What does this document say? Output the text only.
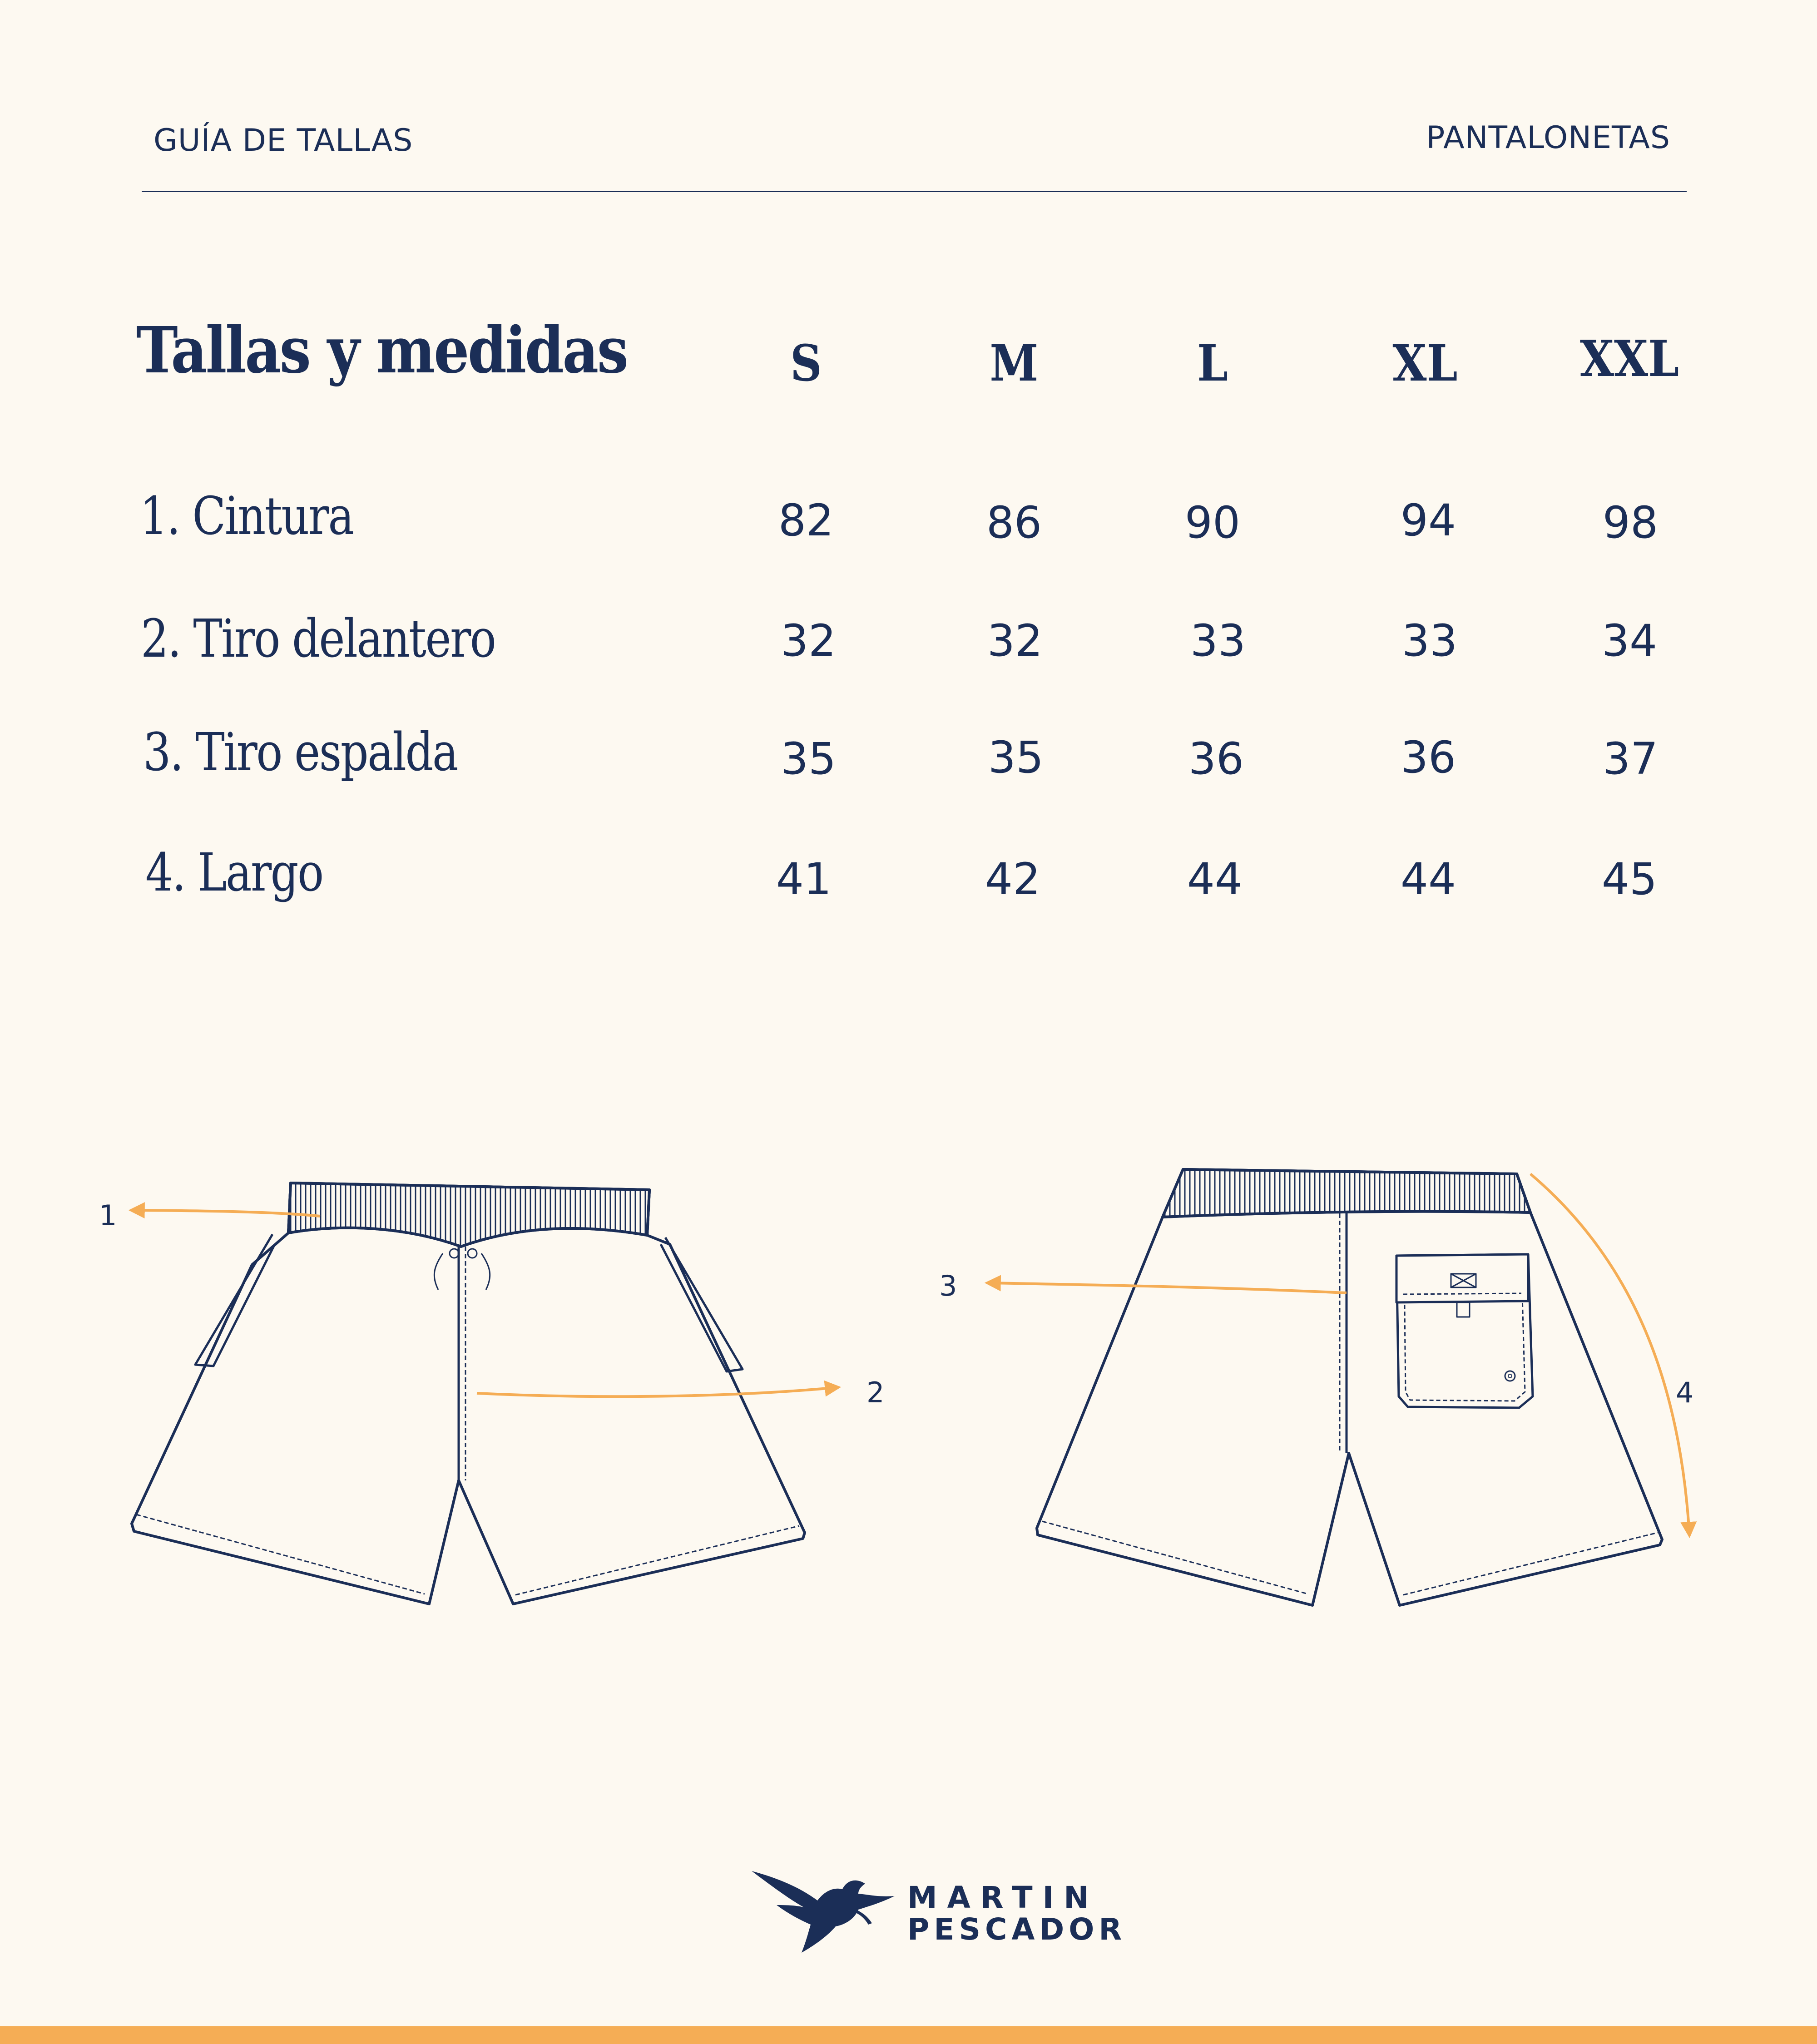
GUÍA DE TALLAS	PANTALONETAS
Tallas y medidas	S	M	L	XL	XXL
1. Cintura	82	86	90	94	98
2. Tiro delantero	32	32	33	33	34
3. Tiro espalda	35	35	36	36	37
4. Largo	41	42	44	44	45
1
2
3
4
MARTIN
PESCADOR
